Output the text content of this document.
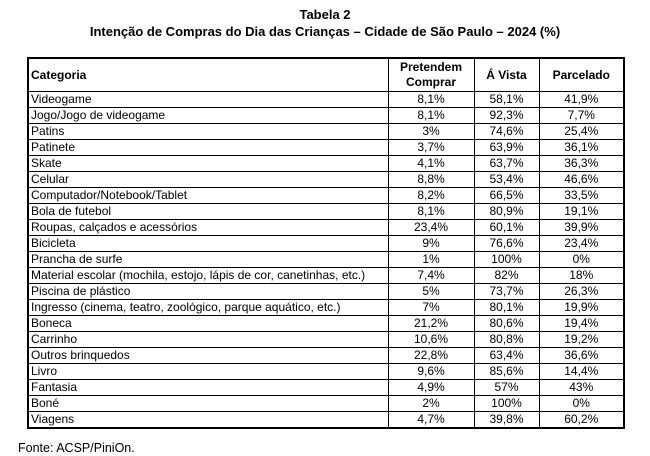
Tabela 2
Intenção de Compras do Dia das Crianças – Cidade de São Paulo – 2024 (%)
Categoria	Pretendem Comprar	Á Vista	Parcelado
Videogame	8,1%	58,1%	41,9%
Jogo/Jogo de videogame	8,1%	92,3%	7,7%
Patins	3%	74,6%	25,4%
Patinete	3,7%	63,9%	36,1%
Skate	4,1%	63,7%	36,3%
Celular	8,8%	53,4%	46,6%
Computador/Notebook/Tablet	8,2%	66,5%	33,5%
Bola de futebol	8,1%	80,9%	19,1%
Roupas, calçados e acessórios	23,4%	60,1%	39,9%
Bicicleta	9%	76,6%	23,4%
Prancha de surfe	1%	100%	0%
Material escolar (mochila, estojo, lápis de cor, canetinhas, etc.)	7,4%	82%	18%
Piscina de plástico	5%	73,7%	26,3%
Ingresso (cinema, teatro, zoológico, parque aquático, etc.)	7%	80,1%	19,9%
Boneca	21,2%	80,6%	19,4%
Carrinho	10,6%	80,8%	19,2%
Outros brinquedos	22,8%	63,4%	36,6%
Livro	9,6%	85,6%	14,4%
Fantasia	4,9%	57%	43%
Boné	2%	100%	0%
Viagens	4,7%	39,8%	60,2%
Fonte: ACSP/PiniOn.
